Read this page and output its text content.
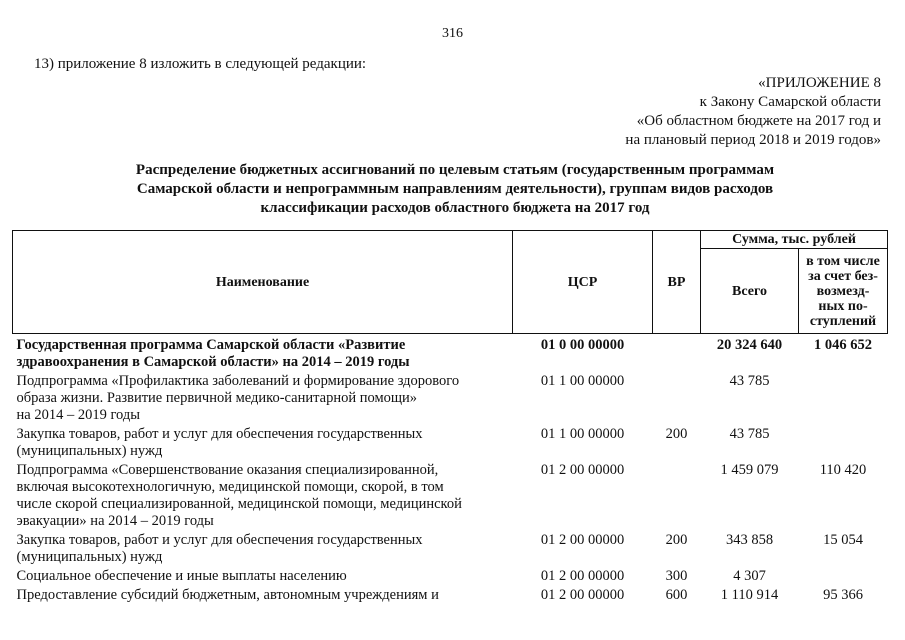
316
13) приложение 8 изложить в следующей редакции:
«ПРИЛОЖЕНИЕ 8
к Закону Самарской области
«Об областном бюджете на 2017 год и
на плановый период 2018 и 2019 годов»
Распределение бюджетных ассигнований по целевым статьям (государственным программам
Самарской области и непрограммным направлениям деятельности), группам видов расходов
классификации расходов областного бюджета на 2017 год
Наименование	ЦСР	ВР	Сумма, тыс. рублей	
			Всего	в том числе
за счет без-
возмезд-
ных по-
ступлений

Государственная программа Самарской области «Развитие
здравоохранения в Самарской области» на 2014 – 2019 годы	01 0 00 00000		20 324 640	1 046 652

Подпрограмма «Профилактика заболеваний и формирование здорового
образа жизни. Развитие первичной медико-санитарной помощи»
на 2014 – 2019 годы	01 1 00 00000		43 785	

Закупка товаров, работ и услуг для обеспечения государственных
(муниципальных) нужд	01 1 00 00000	200	43 785	

Подпрограмма «Совершенствование оказания специализированной,
включая высокотехнологичную, медицинской помощи, скорой, в том
числе скорой специализированной, медицинской помощи, медицинской
эвакуации» на 2014 – 2019 годы	01 2 00 00000		1 459 079	110 420

Закупка товаров, работ и услуг для обеспечения государственных
(муниципальных) нужд	01 2 00 00000	200	343 858	15 054

Социальное обеспечение и иные выплаты населению	01 2 00 00000	300	4 307	

Предоставление субсидий бюджетным, автономным учреждениям и	01 2 00 00000	600	1 110 914	95 366
